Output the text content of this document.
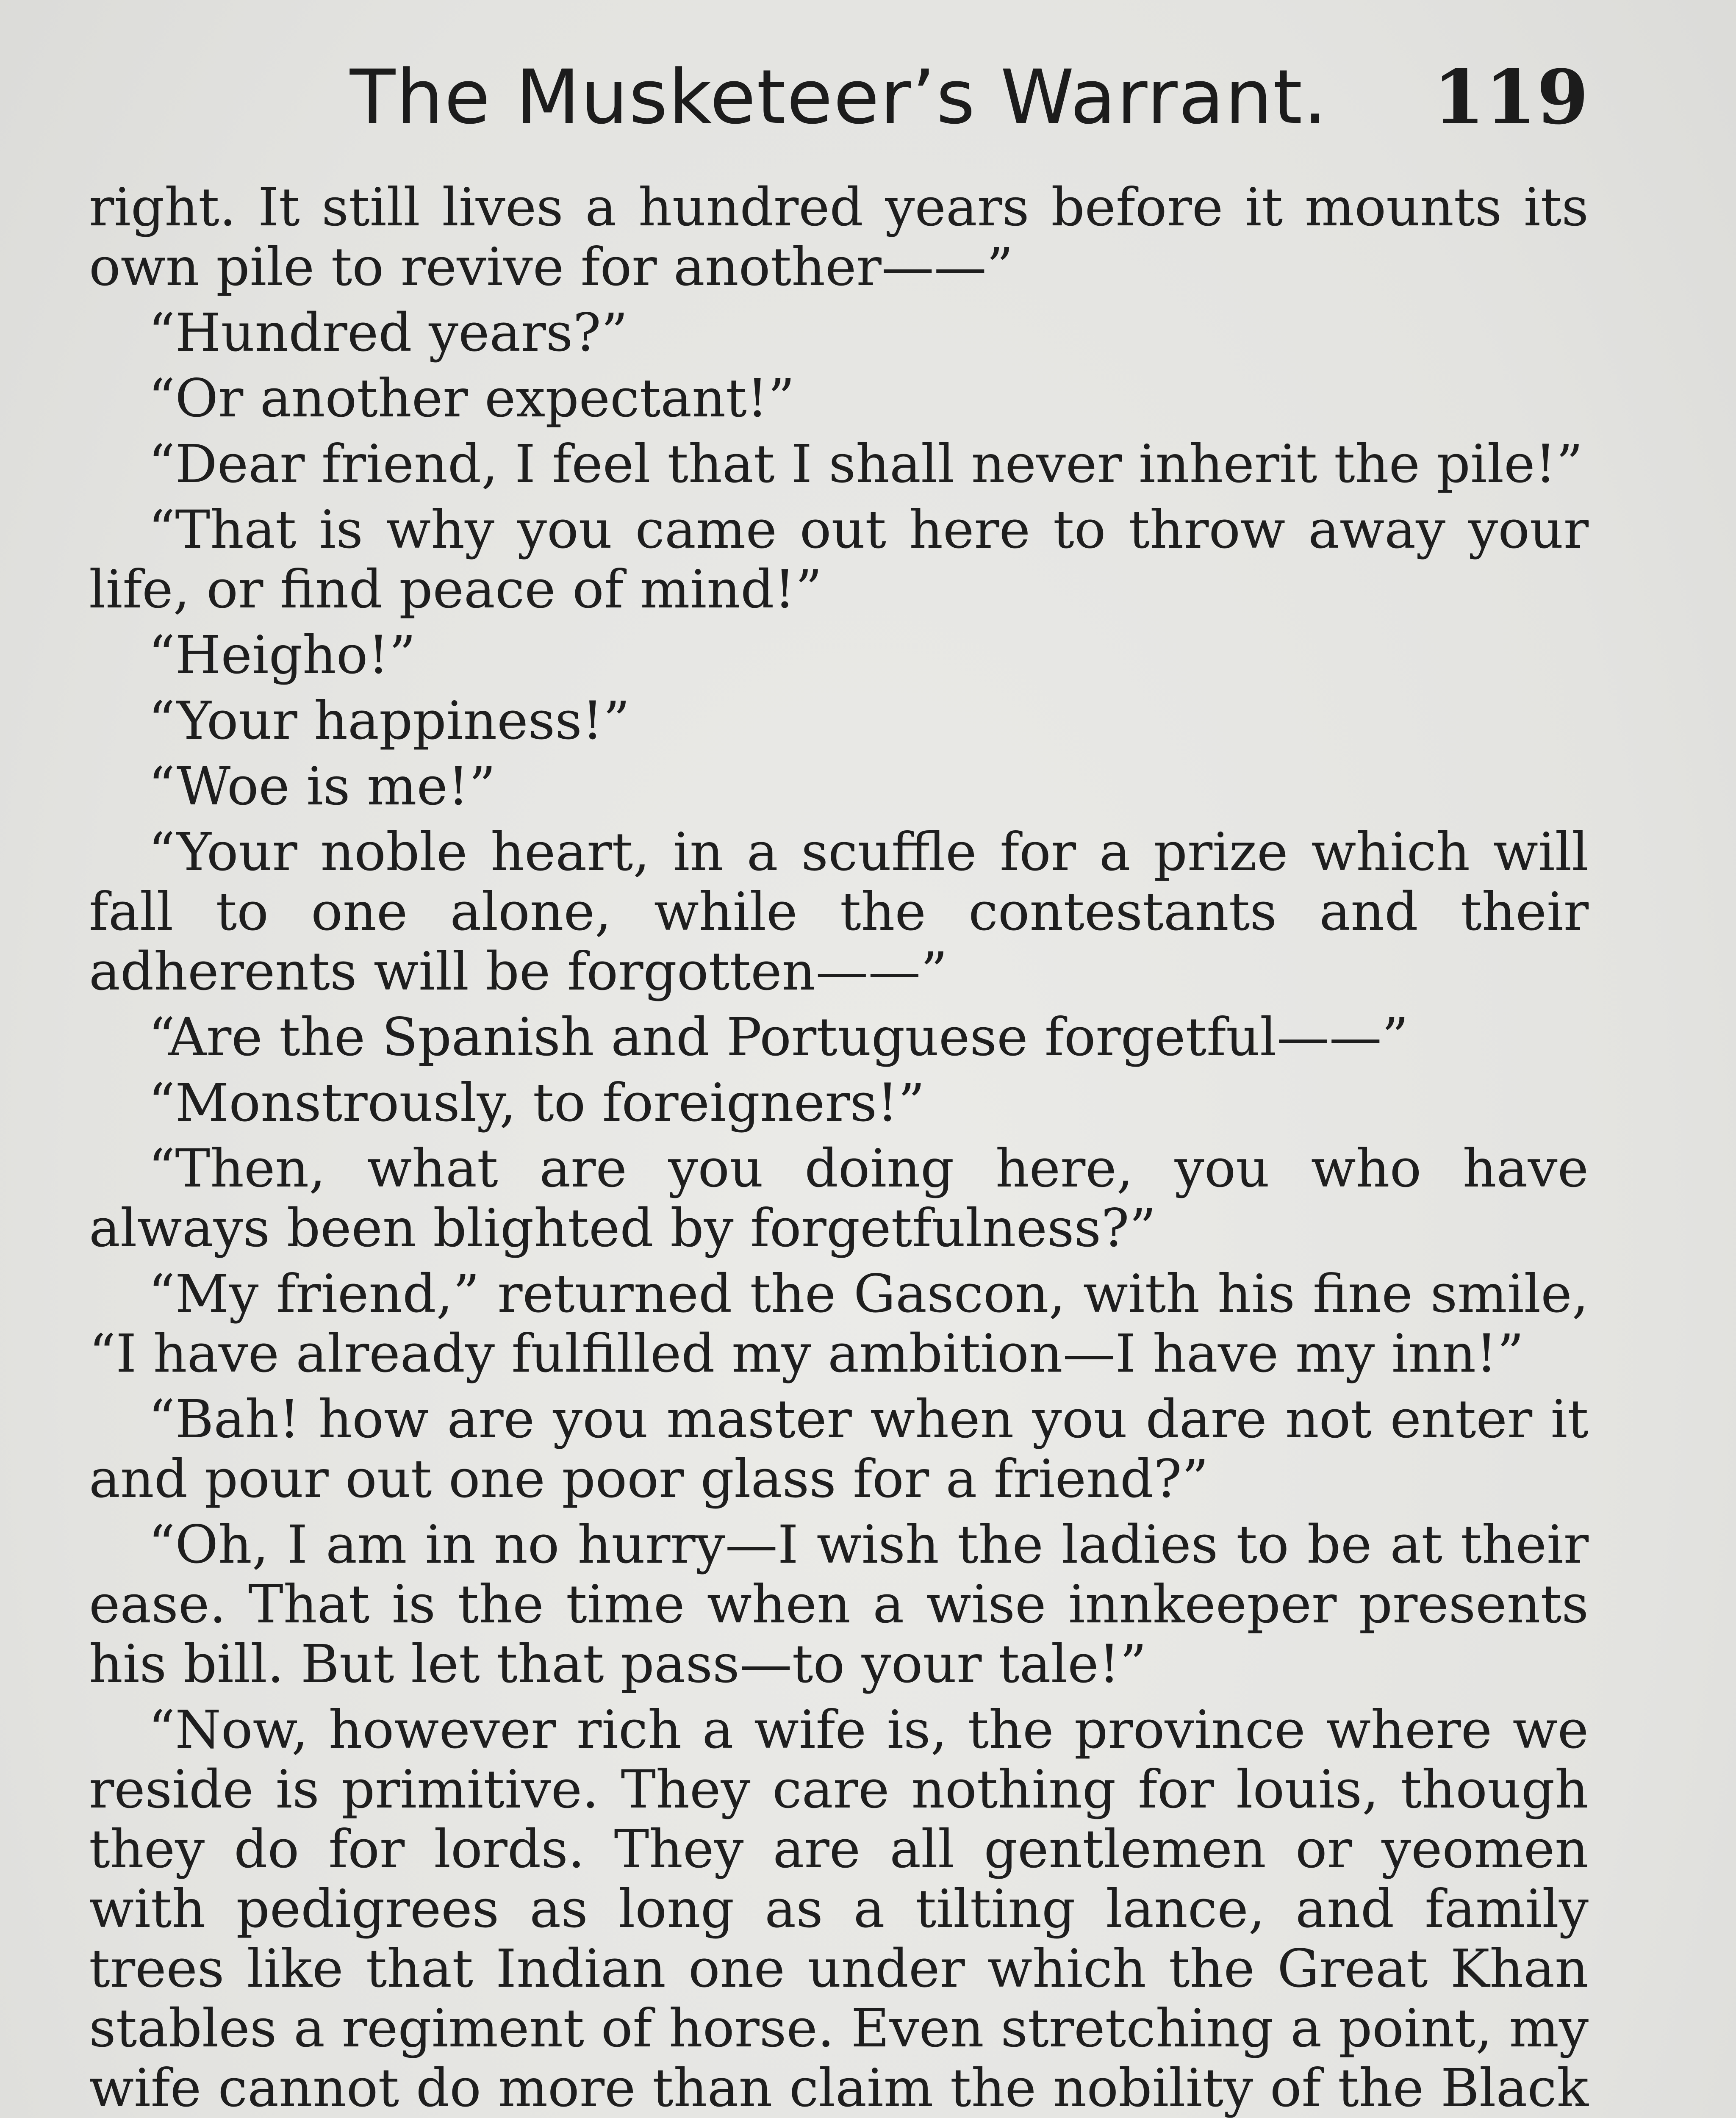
The Musketeer’s Warrant.	119

right. It still lives a hundred years before it mounts its own pile to revive for another——”

“Hundred years?”

“Or another expectant!”

“Dear friend, I feel that I shall never inherit the pile!”

“That is why you came out here to throw away your life, or find peace of mind!”

“Heigho!”

“Your happiness!”

“Woe is me!”

“Your noble heart, in a scuffle for a prize which will fall to one alone, while the contestants and their adherents will be forgotten——”

“Are the Spanish and Portuguese forgetful——”

“Monstrously, to foreigners!”

“Then, what are you doing here, you who have always been blighted by forgetfulness?”

“My friend,” returned the Gascon, with his fine smile, “I have already fulfilled my ambition—I have my inn!”

“Bah! how are you master when you dare not enter it and pour out one poor glass for a friend?”

“Oh, I am in no hurry—I wish the ladies to be at their ease. That is the time when a wise innkeeper presents his bill. But let that pass—to your tale!”

“Now, however rich a wife is, the province where we reside is primitive. They care nothing for louis, though they do for lords. They are all gentlemen or yeomen with pedigrees as long as a tilting lance, and family trees like that Indian one under which the Great Khan stables a regiment of horse. Even stretching a point, my wife cannot do more than claim the nobility of the Black
